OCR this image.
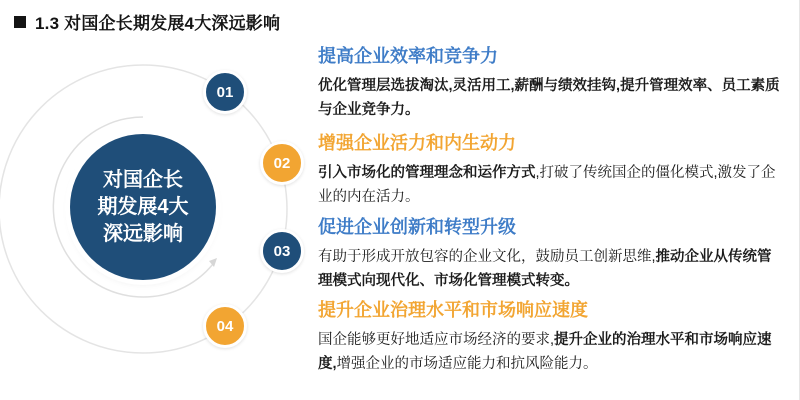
1.3 对国企长期发展4大深远影响
对国企长
期发展4大
深远影响
01
02
03
04
提高企业效率和竞争力

优化管理层选拔淘汰,灵活用工,薪酬与绩效挂钩,提升管理效率、员工素质与企业竞争力。

增强企业活力和内生动力

引入市场化的管理理念和运作方式,打破了传统国企的僵化模式,激发了企业的内在活力。

促进企业创新和转型升级

有助于形成开放包容的企业文化，鼓励员工创新思维,推动企业从传统管理模式向现代化、市场化管理模式转变。

提升企业治理水平和市场响应速度

国企能够更好地适应市场经济的要求,提升企业的治理水平和市场响应速度,增强企业的市场适应能力和抗风险能力。
